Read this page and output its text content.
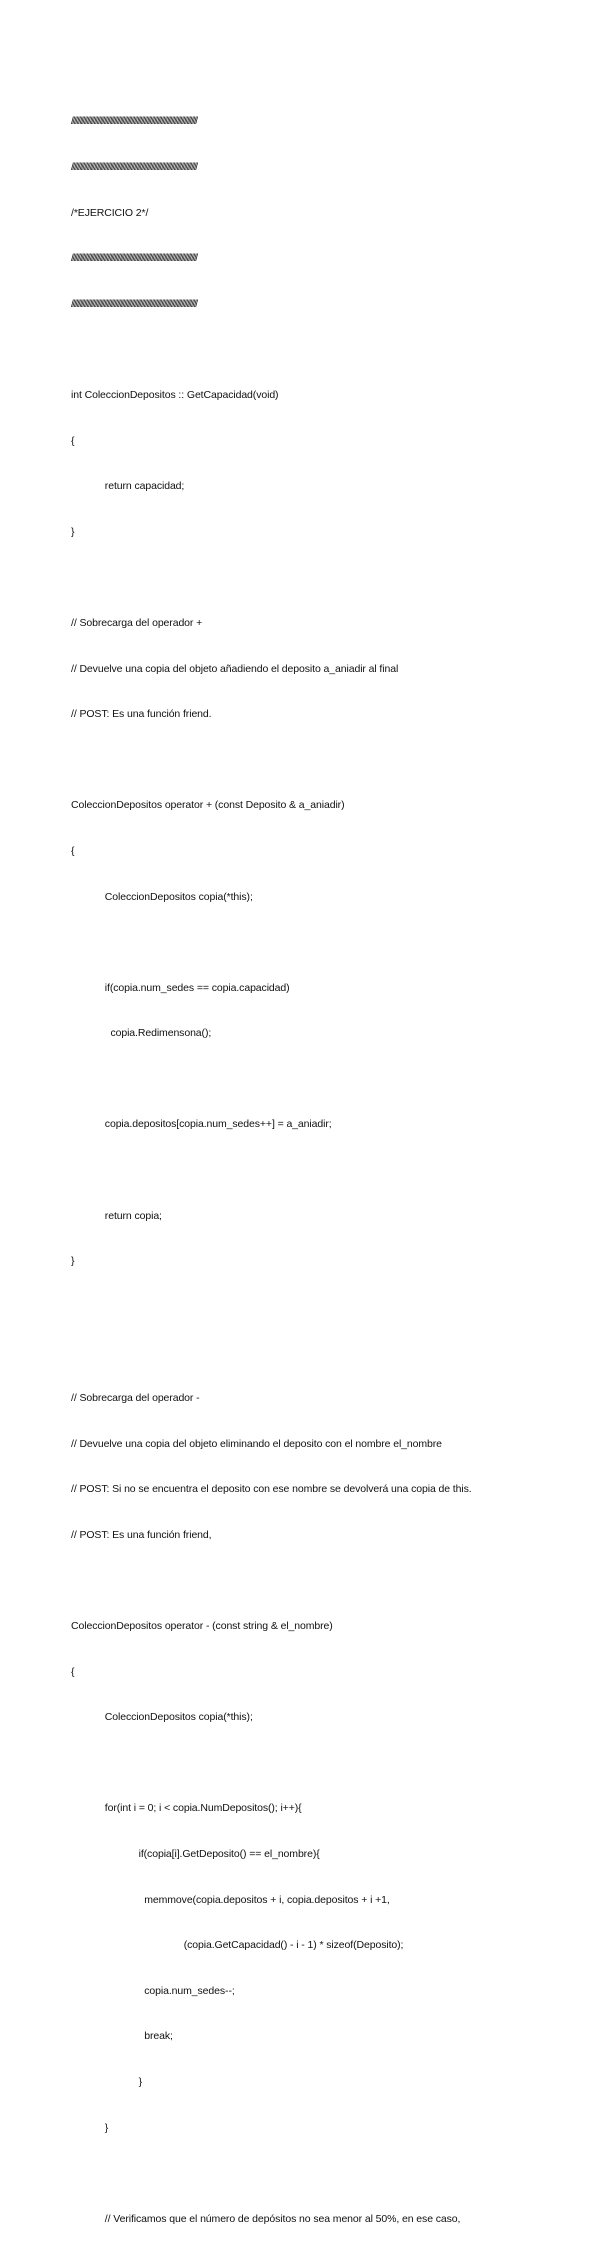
////////////////////////////////////////////////////////////////////////////////////////

////////////////////////////////////////////////////////////////////////////////////////

/*EJERCICIO 2*/

////////////////////////////////////////////////////////////////////////////////////////

////////////////////////////////////////////////////////////////////////////////////////

int ColeccionDepositos :: GetCapacidad(void)

{

return capacidad;

}

// Sobrecarga del operador +

// Devuelve una copia del objeto añadiendo el deposito a_aniadir al final

// POST: Es una función friend.

ColeccionDepositos operator + (const Deposito & a_aniadir)

{

ColeccionDepositos copia(*this);

if(copia.num_sedes == copia.capacidad)

copia.Redimensona();

copia.depositos[copia.num_sedes++] = a_aniadir;

return copia;

}

// Sobrecarga del operador -

// Devuelve una copia del objeto eliminando el deposito con el nombre el_nombre

// POST: Si no se encuentra el deposito con ese nombre se devolverá una copia de this.

// POST: Es una función friend,

ColeccionDepositos operator - (const string & el_nombre)

{

ColeccionDepositos copia(*this);

for(int i = 0; i < copia.NumDepositos(); i++){

if(copia[i].GetDeposito() == el_nombre){

memmove(copia.depositos + i, copia.depositos + i +1,

(copia.GetCapacidad() - i - 1) * sizeof(Deposito);

copia.num_sedes--;

break;

}

}

// Verificamos que el número de depósitos no sea menor al 50%, en ese caso,
